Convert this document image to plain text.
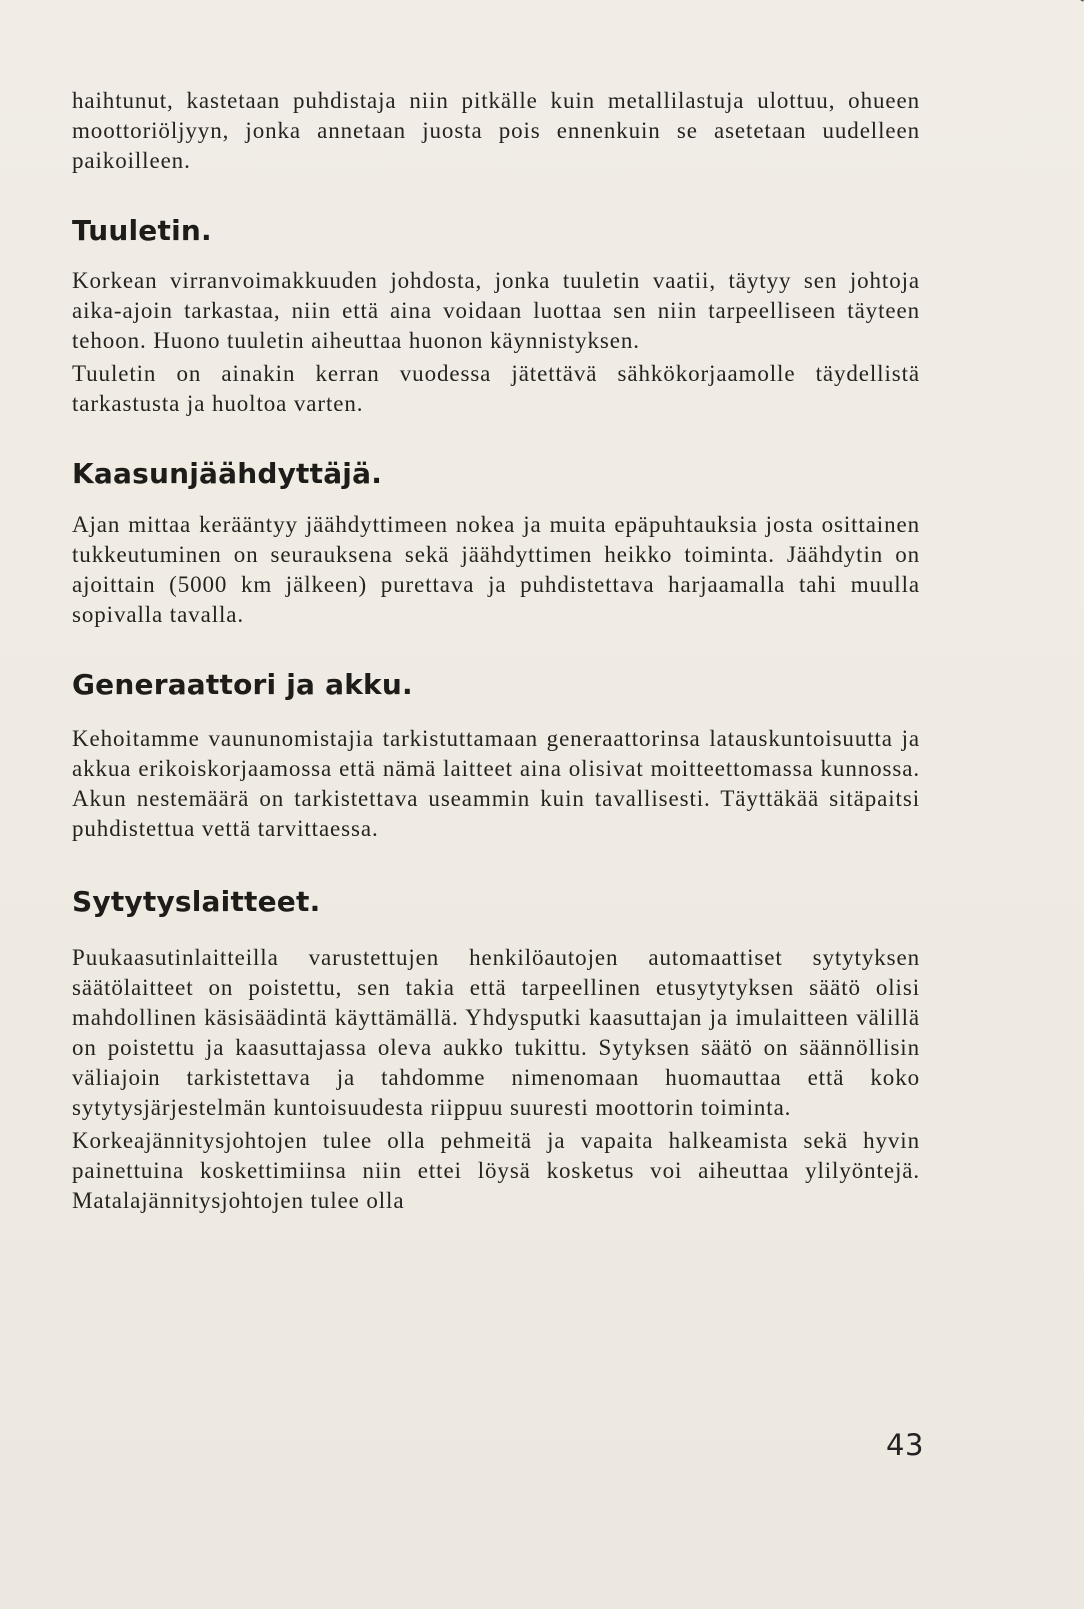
haihtunut, kastetaan puhdistaja niin pitkälle kuin metallilastuja ulottuu, ohueen moottoriöljyyn, jonka annetaan juosta pois ennenkuin se asetetaan uudelleen paikoilleen.

Tuuletin.

Korkean virranvoimakkuuden johdosta, jonka tuuletin vaatii, täytyy sen johtoja aika-ajoin tarkastaa, niin että aina voidaan luottaa sen niin tarpeelliseen täyteen tehoon. Huono tuuletin aiheuttaa huonon käynnistyksen.

Tuuletin on ainakin kerran vuodessa jätettävä sähkökorjaamolle täydellistä tarkastusta ja huoltoa varten.

Kaasunjäähdyttäjä.

Ajan mittaa kerääntyy jäähdyttimeen nokea ja muita epäpuhtauksia josta osittainen tukkeutuminen on seurauksena sekä jäähdyttimen heikko toiminta. Jäähdytin on ajoittain (5000 km jälkeen) purettava ja puhdistettava harjaamalla tahi muulla sopivalla tavalla.

Generaattori ja akku.

Kehoitamme vaununomistajia tarkistuttamaan generaattorinsa latauskuntoisuutta ja akkua erikoiskorjaamossa että nämä laitteet aina olisivat moitteettomassa kunnossa. Akun nestemäärä on tarkistettava useammin kuin tavallisesti. Täyttäkää sitäpaitsi puhdistettua vettä tarvittaessa.

Sytytyslaitteet.

Puukaasutinlaitteilla varustettujen henkilöautojen automaattiset sytytyksen säätölaitteet on poistettu, sen takia että tarpeellinen etusytytyksen säätö olisi mahdollinen käsisäädintä käyttämällä. Yhdysputki kaasuttajan ja imulaitteen välillä on poistettu ja kaasuttajassa oleva aukko tukittu. Sytyksen säätö on säännöllisin väliajoin tarkistettava ja tahdomme nimenomaan huomauttaa että koko sytytysjärjestelmän kuntoisuudesta riippuu suuresti moottorin toiminta.

Korkeajännitysjohtojen tulee olla pehmeitä ja vapaita halkeamista sekä hyvin painettuina koskettimiinsa niin ettei löysä kosketus voi aiheuttaa ylilyöntejä. Matalajännitysjohtojen tulee olla

43
